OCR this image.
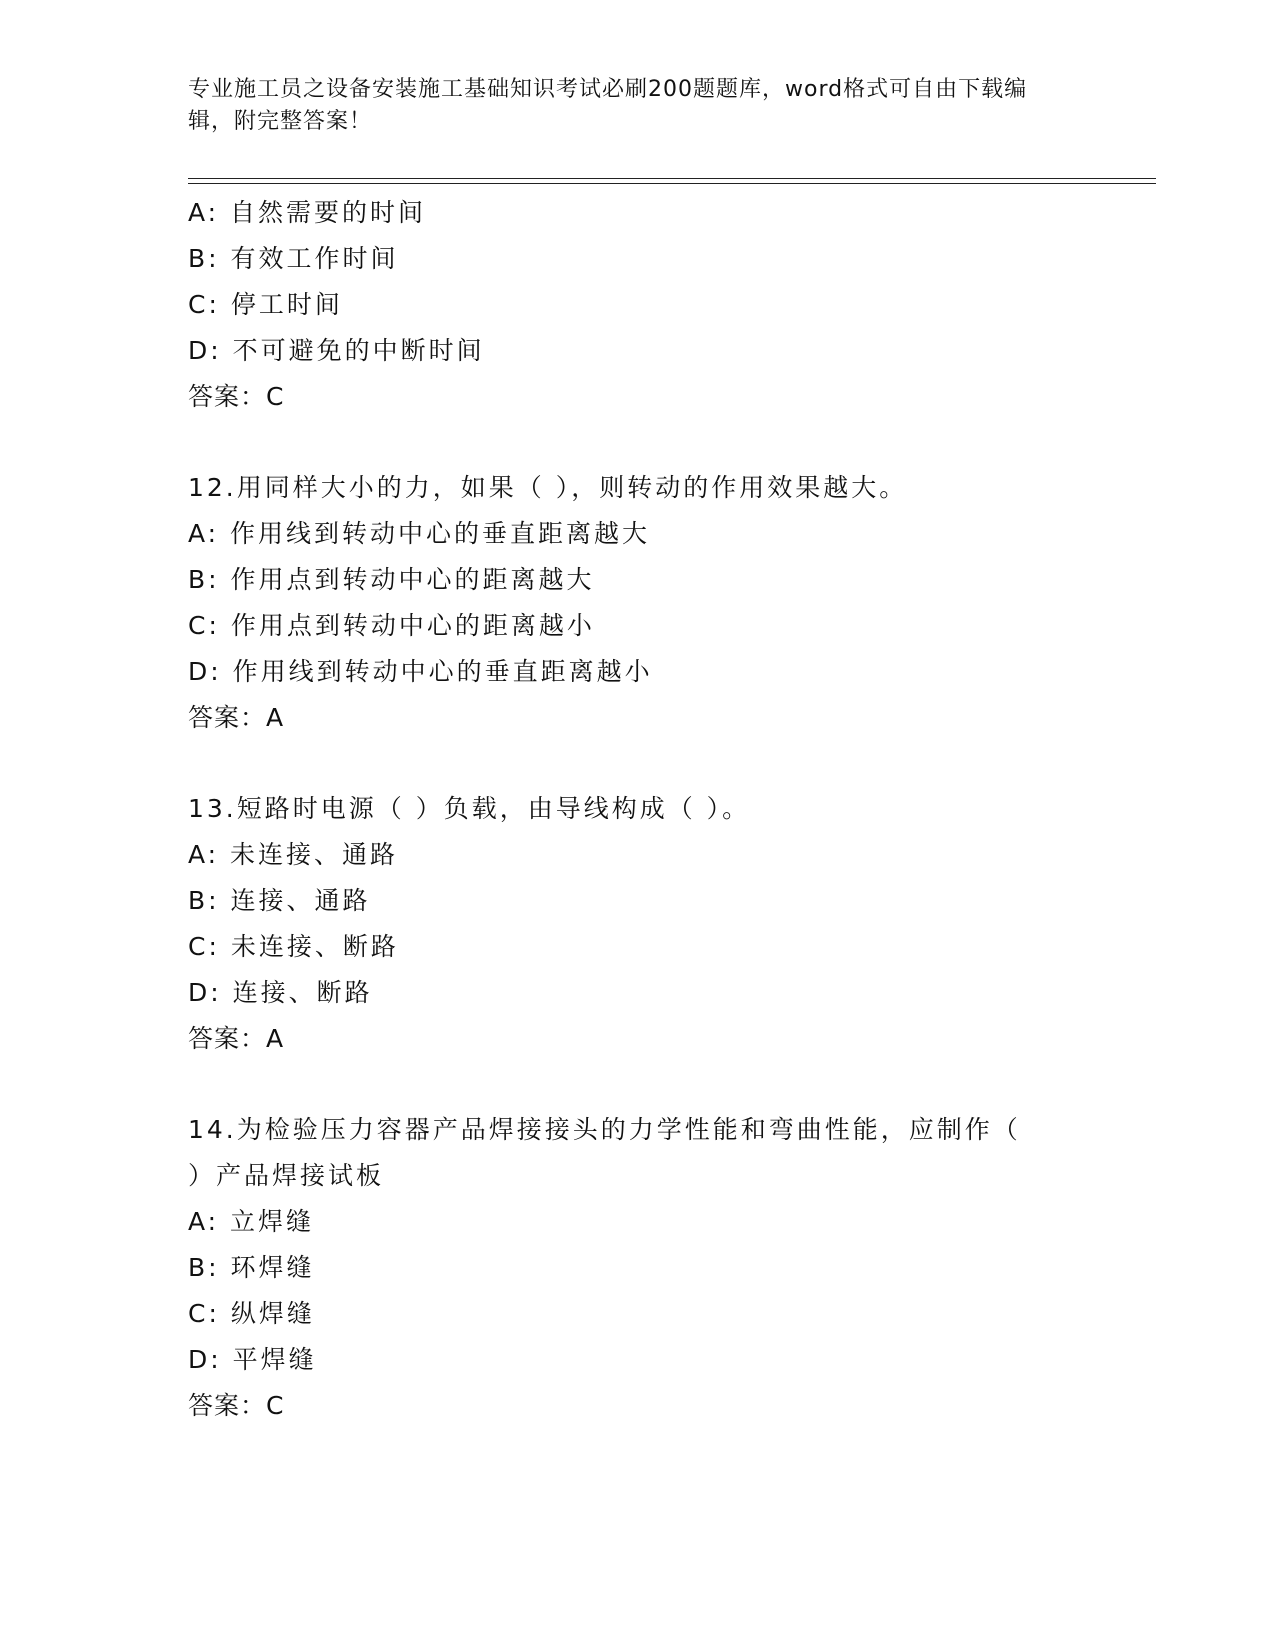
专业施工员之设备安装施工基础知识考试必刷200题题库，word格式可自由下载编辑，附完整答案！
A: 自然需要的时间
B: 有效工作时间
C: 停工时间
D: 不可避免的中断时间
答案：C
12.用同样大小的力，如果（ ），则转动的作用效果越大。
A: 作用线到转动中心的垂直距离越大
B: 作用点到转动中心的距离越大
C: 作用点到转动中心的距离越小
D: 作用线到转动中心的垂直距离越小
答案：A
13.短路时电源（ ）负载，由导线构成（ ）。
A: 未连接、通路
B: 连接、通路
C: 未连接、断路
D: 连接、断路
答案：A
14.为检验压力容器产品焊接接头的力学性能和弯曲性能，应制作（
）产品焊接试板
A: 立焊缝
B: 环焊缝
C: 纵焊缝
D: 平焊缝
答案：C
